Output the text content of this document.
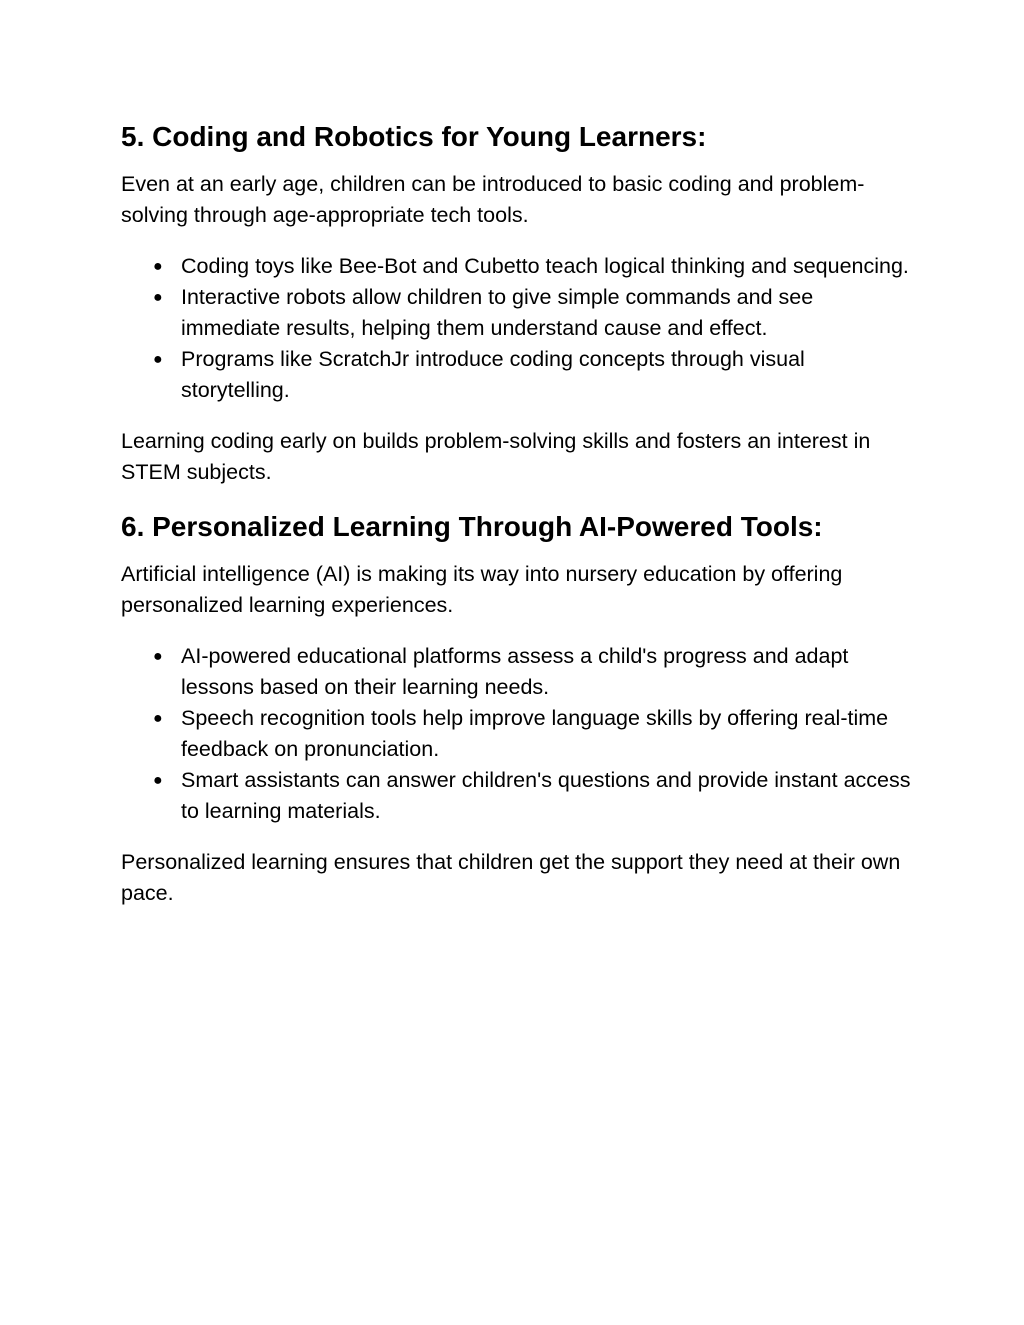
5. Coding and Robotics for Young Learners:

Even at an early age, children can be introduced to basic coding and problem-solving through age-appropriate tech tools.

● Coding toys like Bee-Bot and Cubetto teach logical thinking and sequencing.
● Interactive robots allow children to give simple commands and see immediate results, helping them understand cause and effect.
● Programs like ScratchJr introduce coding concepts through visual storytelling.

Learning coding early on builds problem-solving skills and fosters an interest in STEM subjects.

6. Personalized Learning Through AI-Powered Tools:

Artificial intelligence (AI) is making its way into nursery education by offering personalized learning experiences.

● AI-powered educational platforms assess a child's progress and adapt lessons based on their learning needs.
● Speech recognition tools help improve language skills by offering real-time feedback on pronunciation.
● Smart assistants can answer children's questions and provide instant access to learning materials.

Personalized learning ensures that children get the support they need at their own pace.
